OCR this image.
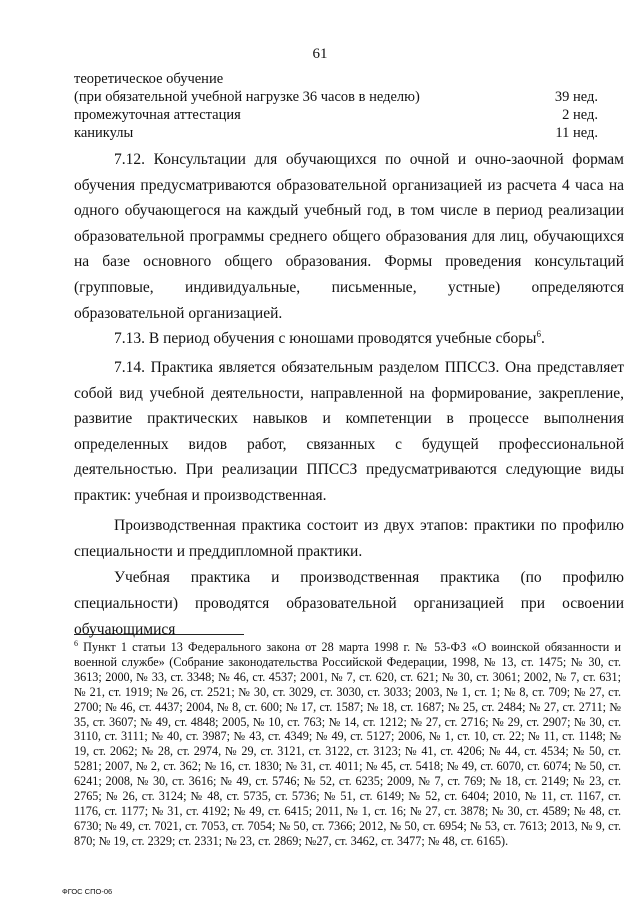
61
теоретическое обучение
(при обязательной учебной нагрузке 36 часов в неделю)	39 нед.
промежуточная аттестация	2 нед.
каникулы	11 нед.

7.12. Консультации для обучающихся по очной и очно-заочной формам обучения предусматриваются образовательной организацией из расчета 4 часа на одного обучающегося на каждый учебный год, в том числе в период реализации образовательной программы среднего общего образования для лиц, обучающихся на базе основного общего образования. Формы проведения консультаций (групповые, индивидуальные, письменные, устные) определяются образовательной организацией.

7.13. В период обучения с юношами проводятся учебные сборы$^6$.

7.14. Практика является обязательным разделом ППССЗ. Она представляет собой вид учебной деятельности, направленной на формирование, закрепление, развитие практических навыков и компетенции в процессе выполнения определенных видов работ, связанных с будущей профессиональной деятельностью. При реализации ППССЗ предусматриваются следующие виды практик: учебная и производственная.

Производственная практика состоит из двух этапов: практики по профилю специальности и преддипломной практики.

Учебная практика и производственная практика (по профилю специальности) проводятся образовательной организацией при освоении обучающимися

$^6$ Пункт 1 статьи 13 Федерального закона от 28 марта 1998 г. № 53-ФЗ «О воинской обязанности и военной службе» (Собрание законодательства Российской Федерации, 1998, № 13, ст. 1475; № 30, ст. 3613; 2000, № 33, ст. 3348; № 46, ст. 4537; 2001, № 7, ст. 620, ст. 621; № 30, ст. 3061; 2002, № 7, ст. 631; № 21, ст. 1919; № 26, ст. 2521; № 30, ст. 3029, ст. 3030, ст. 3033; 2003, № 1, ст. 1; № 8, ст. 709; № 27, ст. 2700; № 46, ст. 4437; 2004, № 8, ст. 600; № 17, ст. 1587; № 18, ст. 1687; № 25, ст. 2484; № 27, ст. 2711; № 35, ст. 3607; № 49, ст. 4848; 2005, № 10, ст. 763; № 14, ст. 1212; № 27, ст. 2716; № 29, ст. 2907; № 30, ст. 3110, ст. 3111; № 40, ст. 3987; № 43, ст. 4349; № 49, ст. 5127; 2006, № 1, ст. 10, ст. 22; № 11, ст. 1148; № 19, ст. 2062; № 28, ст. 2974, № 29, ст. 3121, ст. 3122, ст. 3123; № 41, ст. 4206; № 44, ст. 4534; № 50, ст. 5281; 2007, № 2, ст. 362; № 16, ст. 1830; № 31, ст. 4011; № 45, ст. 5418; № 49, ст. 6070, ст. 6074; № 50, ст. 6241; 2008, № 30, ст. 3616; № 49, ст. 5746; № 52, ст. 6235; 2009, № 7, ст. 769; № 18, ст. 2149; № 23, ст. 2765; № 26, ст. 3124; № 48, ст. 5735, ст. 5736; № 51, ст. 6149; № 52, ст. 6404; 2010, № 11, ст. 1167, ст. 1176, ст. 1177; № 31, ст. 4192; № 49, ст. 6415; 2011, № 1, ст. 16; № 27, ст. 3878; № 30, ст. 4589; № 48, ст. 6730; № 49, ст. 7021, ст. 7053, ст. 7054; № 50, ст. 7366; 2012, № 50, ст. 6954; № 53, ст. 7613; 2013, № 9, ст. 870; № 19, ст. 2329; ст. 2331; № 23, ст. 2869; №27, ст. 3462, ст. 3477; № 48, ст. 6165).

ФГОС СПО-06
